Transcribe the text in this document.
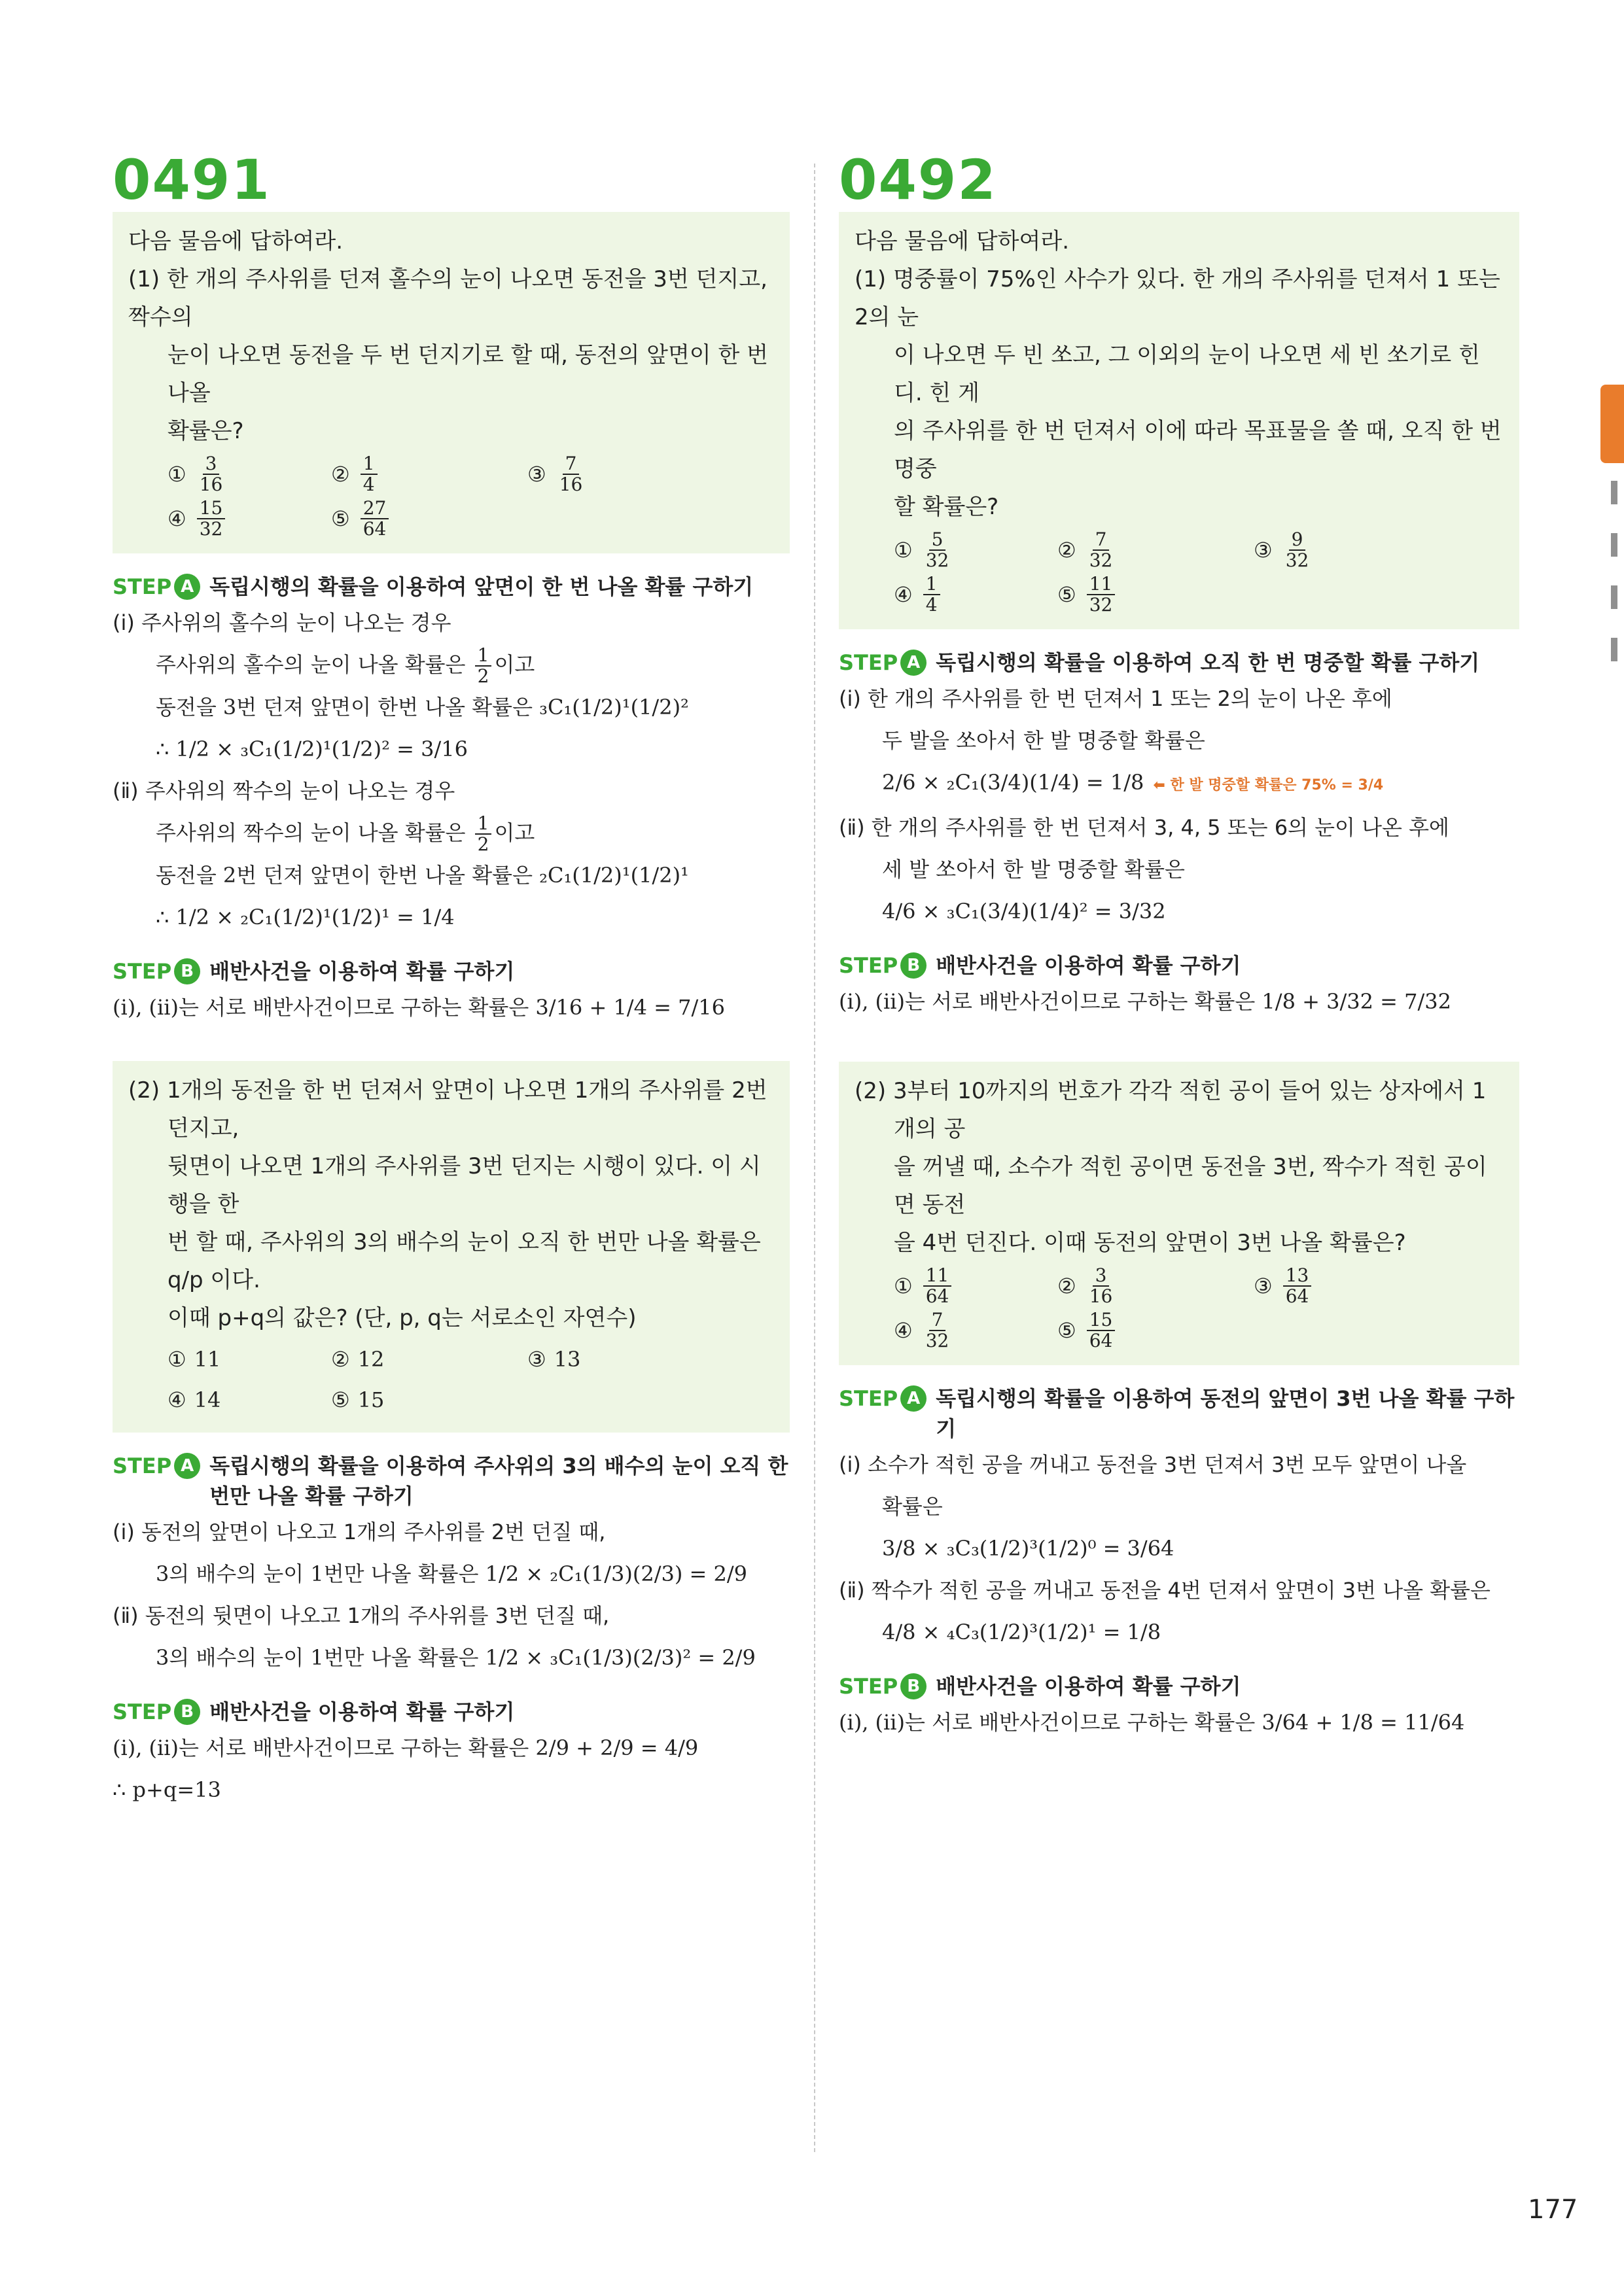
0491
다음 물음에 답하여라.
(1) 한 개의 주사위를 던져 홀수의 눈이 나오면 동전을 3번 던지고, 짝수의
눈이 나오면 동전을 두 번 던지기로 할 때, 동전의 앞면이 한 번 나올
확률은?
① $\frac{3}{16}$	② $\frac{1}{4}$	③ $\frac{7}{16}$
④ $\frac{15}{32}$	⑤ $\frac{27}{64}$
STEP A 독립시행의 확률을 이용하여 앞면이 한 번 나올 확률 구하기
(ⅰ) 주사위의 홀수의 눈이 나오는 경우
주사위의 홀수의 눈이 나올 확률은 $\frac{1}{2}$ 이고
동전을 3번 던져 앞면이 한번 나올 확률은 ₃C₁(1/2)¹(1/2)²
∴ 1/2 × ₃C₁(1/2)¹(1/2)² = 3/16
(ⅱ) 주사위의 짝수의 눈이 나오는 경우
주사위의 짝수의 눈이 나올 확률은 $\frac{1}{2}$ 이고
동전을 2번 던져 앞면이 한번 나올 확률은 ₂C₁(1/2)¹(1/2)¹
∴ 1/2 × ₂C₁(1/2)¹(1/2)¹ = 1/4
STEP B 배반사건을 이용하여 확률 구하기
(ⅰ), (ⅱ)는 서로 배반사건이므로 구하는 확률은 3/16 + 1/4 = 7/16
(2) 1개의 동전을 한 번 던져서 앞면이 나오면 1개의 주사위를 2번 던지고,
뒷면이 나오면 1개의 주사위를 3번 던지는 시행이 있다. 이 시행을 한
번 할 때, 주사위의 3의 배수의 눈이 오직 한 번만 나올 확률은 q/p 이다.
이때 p+q의 값은? (단, p, q는 서로소인 자연수)
① 11	② 12	③ 13
④ 14	⑤ 15
STEP A 독립시행의 확률을 이용하여 주사위의 3의 배수의 눈이 오직 한
번만 나올 확률 구하기
(ⅰ) 동전의 앞면이 나오고 1개의 주사위를 2번 던질 때,
3의 배수의 눈이 1번만 나올 확률은 1/2 × ₂C₁(1/3)(2/3) = 2/9
(ⅱ) 동전의 뒷면이 나오고 1개의 주사위를 3번 던질 때,
3의 배수의 눈이 1번만 나올 확률은 1/2 × ₃C₁(1/3)(2/3)² = 2/9
STEP B 배반사건을 이용하여 확률 구하기
(ⅰ), (ⅱ)는 서로 배반사건이므로 구하는 확률은 2/9 + 2/9 = 4/9
∴ p+q=13
0492
다음 물음에 답하여라.
(1) 명중률이 75%인 사수가 있다. 한 개의 주사위를 던져서 1 또는 2의 눈
이 나오면 두 빈 쏘고, 그 이외의 눈이 나오면 세 빈 쏘기로 힌디. 힌 게
의 주사위를 한 번 던져서 이에 따라 목표물을 쏠 때, 오직 한 번 명중
할 확률은?
① $\frac{5}{32}$	② $\frac{7}{32}$	③ $\frac{9}{32}$
④ $\frac{1}{4}$	⑤ $\frac{11}{32}$
STEP A 독립시행의 확률을 이용하여 오직 한 번 명중할 확률 구하기
(ⅰ) 한 개의 주사위를 한 번 던져서 1 또는 2의 눈이 나온 후에
두 발을 쏘아서 한 발 명중할 확률은
2/6 × ₂C₁(3/4)(1/4) = 1/8 ⬅ 한 발 명중할 확률은 75% = 3/4
(ⅱ) 한 개의 주사위를 한 번 던져서 3, 4, 5 또는 6의 눈이 나온 후에
세 발 쏘아서 한 발 명중할 확률은
4/6 × ₃C₁(3/4)(1/4)² = 3/32
STEP B 배반사건을 이용하여 확률 구하기
(ⅰ), (ⅱ)는 서로 배반사건이므로 구하는 확률은 1/8 + 3/32 = 7/32
(2) 3부터 10까지의 번호가 각각 적힌 공이 들어 있는 상자에서 1개의 공
을 꺼낼 때, 소수가 적힌 공이면 동전을 3번, 짝수가 적힌 공이면 동전
을 4번 던진다. 이때 동전의 앞면이 3번 나올 확률은?
① $\frac{11}{64}$	② $\frac{3}{16}$	③ $\frac{13}{64}$
④ $\frac{7}{32}$	⑤ $\frac{15}{64}$
STEP A 독립시행의 확률을 이용하여 동전의 앞면이 3번 나올 확률 구하기
(ⅰ) 소수가 적힌 공을 꺼내고 동전을 3번 던져서 3번 모두 앞면이 나올
확률은
3/8 × ₃C₃(1/2)³(1/2)⁰ = 3/64
(ⅱ) 짝수가 적힌 공을 꺼내고 동전을 4번 던져서 앞면이 3번 나올 확률은
4/8 × ₄C₃(1/2)³(1/2)¹ = 1/8
STEP B 배반사건을 이용하여 확률 구하기
(ⅰ), (ⅱ)는 서로 배반사건이므로 구하는 확률은 3/64 + 1/8 = 11/64
177
